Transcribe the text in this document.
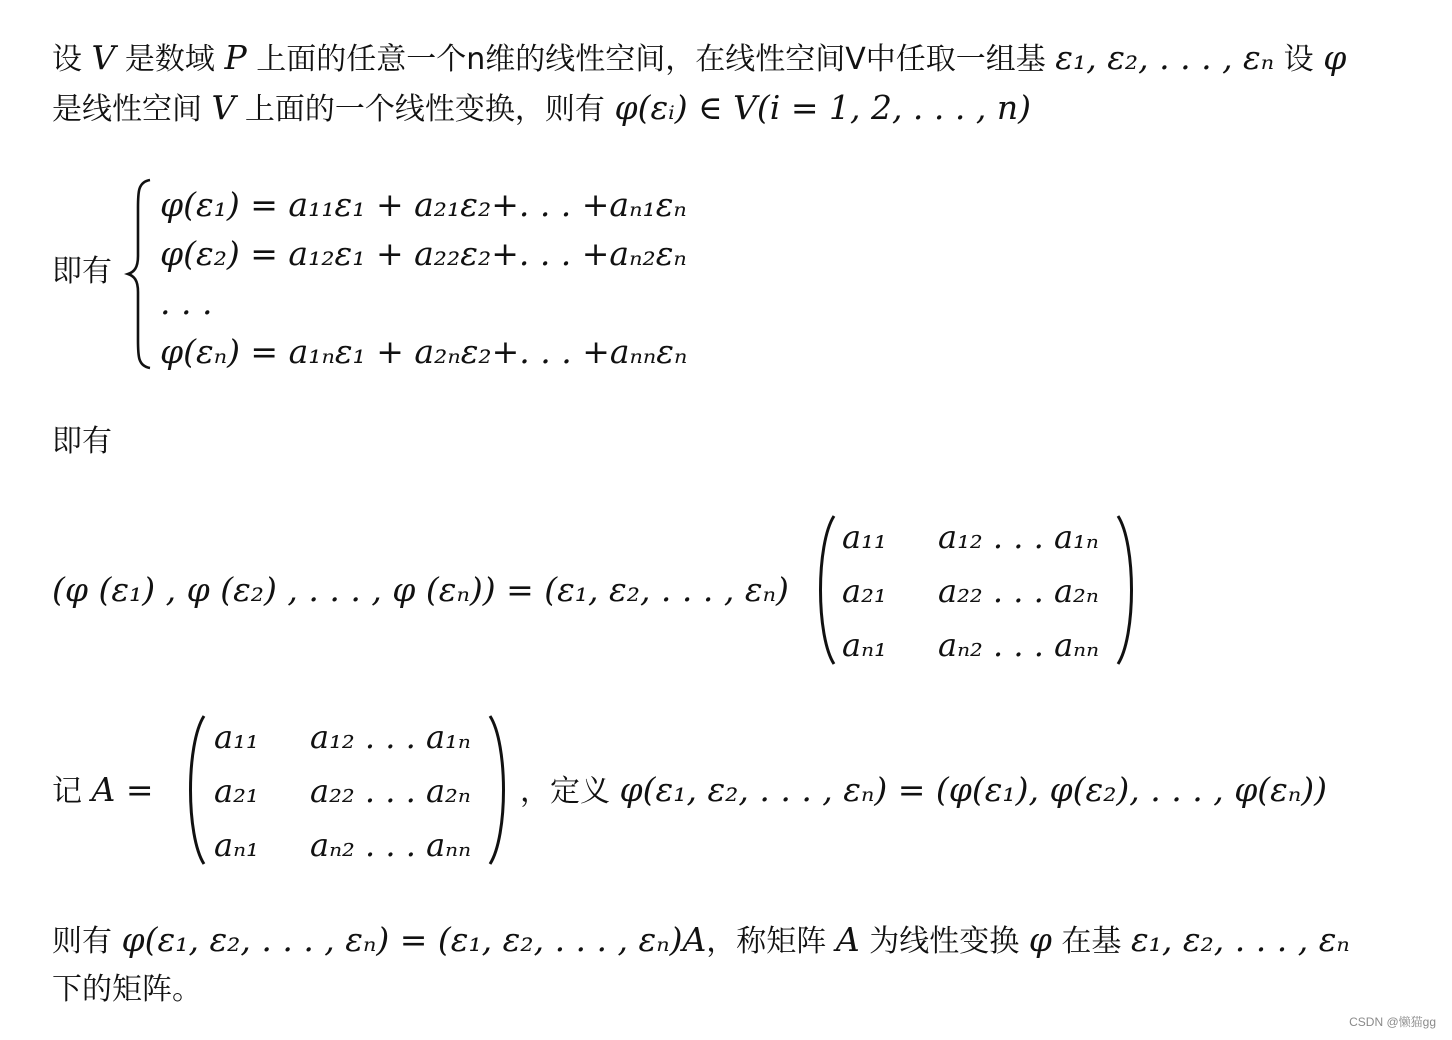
设 V 是数域 P 上面的任意一个n维的线性空间，在线性空间V中任取一组基 ε₁, ε₂, . . . , εₙ 设 φ
是线性空间 V 上面的一个线性变换，则有 φ(εᵢ) ∈ V(i = 1, 2, . . . , n)
即有
φ(ε₁) = a₁₁ε₁ + a₂₁ε₂+. . . +aₙ₁εₙ
φ(ε₂) = a₁₂ε₁ + a₂₂ε₂+. . . +aₙ₂εₙ
. . .
φ(εₙ) = a₁ₙε₁ + a₂ₙε₂+. . . +aₙₙεₙ
即有
(φ (ε₁) , φ (ε₂) , . . . , φ (εₙ)) = (ε₁, ε₂, . . . , εₙ)
a₁₁ a₁₂ . . . a₁ₙ
a₂₁ a₂₂ . . . a₂ₙ
aₙ₁ aₙ₂ . . . aₙₙ
记 A =
a₁₁ a₁₂ . . . a₁ₙ
a₂₁ a₂₂ . . . a₂ₙ
aₙ₁ aₙ₂ . . . aₙₙ
，定义 φ(ε₁, ε₂, . . . , εₙ) = (φ(ε₁), φ(ε₂), . . . , φ(εₙ))
则有 φ(ε₁, ε₂, . . . , εₙ) = (ε₁, ε₂, . . . , εₙ)A，称矩阵 A 为线性变换 φ 在基 ε₁, ε₂, . . . , εₙ
下的矩阵。
CSDN @懒猫gg
